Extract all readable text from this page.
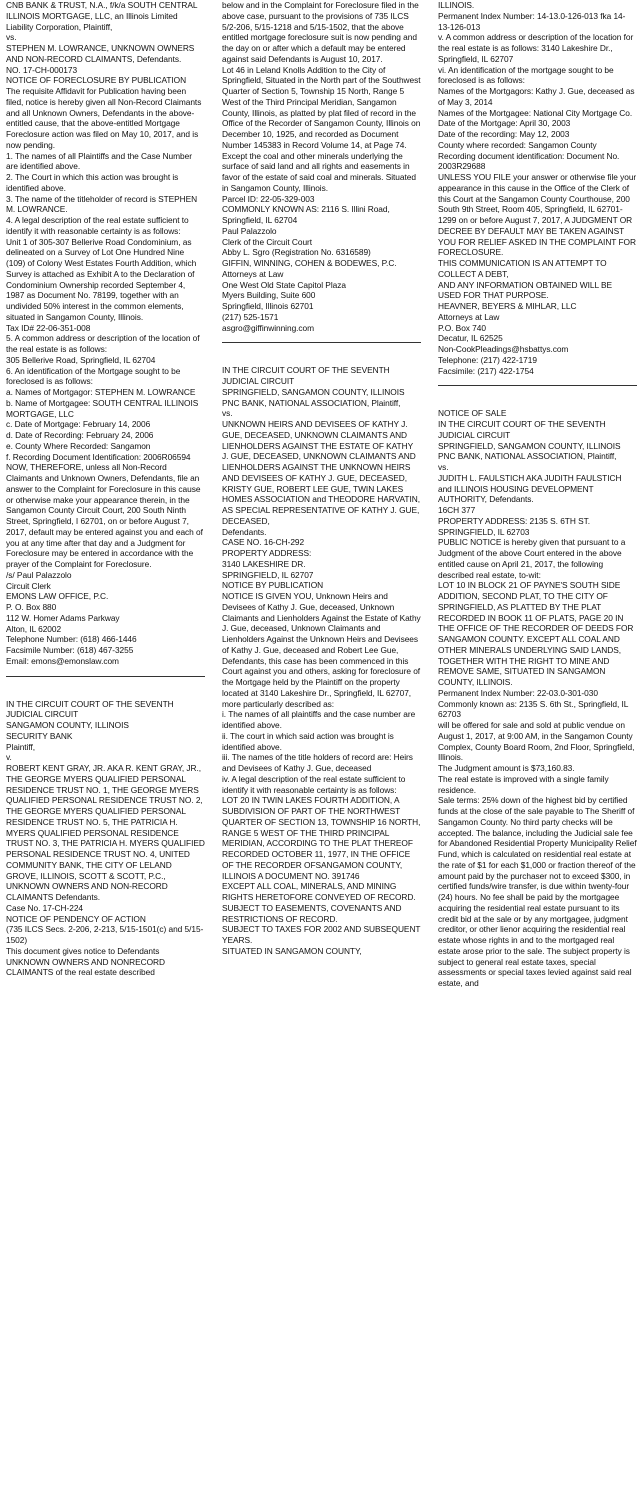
CNB BANK & TRUST, N.A., f/k/a SOUTH CENTRAL ILLINOIS MORTGAGE, LLC, an Illinois Limited Liability Corporation, Plaintiff,

vs.

STEPHEN M. LOWRANCE, UNKNOWN OWNERS AND NON-RECORD CLAIMANTS, Defendants.

NO. 17-CH-000173

NOTICE OF FORECLOSURE BY PUBLICATION

The requisite Affidavit for Publication having been filed, notice is hereby given all Non-Record Claimants and all Unknown Owners, Defendants in the above-entitled cause, that the above-entitled Mortgage Foreclosure action was filed on May 10, 2017, and is now pending.

1. The names of all Plaintiffs and the Case Number are identified above.

2. The Court in which this action was brought is identified above.

3. The name of the titleholder of record is STEPHEN M. LOWRANCE.

4. A legal description of the real estate sufficient to identify it with reasonable certainty is as follows:

Unit 1 of 305-307 Bellerive Road Condominium, as delineated on a Survey of Lot One Hundred Nine (109) of Colony West Estates Fourth Addition, which Survey is attached as Exhibit A to the Declaration of Condominium Ownership recorded September 4, 1987 as Document No. 78199, together with an undivided 50% interest in the common elements, situated in Sangamon County, Illinois.

Tax ID# 22-06-351-008

5. A common address or description of the location of the real estate is as follows:

305 Bellerive Road, Springfield, IL 62704

6. An identification of the Mortgage sought to be foreclosed is as follows:

a. Names of Mortgagor: STEPHEN M. LOWRANCE

b. Name of Mortgagee: SOUTH CENTRAL ILLINOIS

MORTGAGE, LLC

c. Date of Mortgage: February 14, 2006

d. Date of Recording: February 24, 2006

e. County Where Recorded: Sangamon

f. Recording Document Identification: 2006R06594

NOW, THEREFORE, unless all Non-Record Claimants and Unknown Owners, Defendants, file an answer to the Complaint for Foreclosure in this cause or otherwise make your appearance therein, in the Sangamon County Circuit Court, 200 South Ninth Street, Springfield, I 62701, on or before August 7, 2017, default may be entered against you and each of you at any time after that day and a Judgment for Foreclosure may be entered in accordance with the prayer of the Complaint for Foreclosure.

/s/ Paul Palazzolo

Circuit Clerk

EMONS LAW OFFICE, P.C.

P. O. Box 880

112 W. Homer Adams Parkway

Alton, IL 62002

Telephone Number: (618) 466-1446

Facsimile Number: (618) 467-3255

Email: emons@emonslaw.com

IN THE CIRCUIT COURT OF THE SEVENTH JUDICIAL CIRCUIT

SANGAMON COUNTY, ILLINOIS

SECURITY BANK

Plaintiff,

v.

ROBERT KENT GRAY, JR. AKA R. KENT GRAY, JR., THE GEORGE MYERS QUALIFIED PERSONAL RESIDENCE TRUST NO. 1, THE GEORGE MYERS QUALIFIED PERSONAL RESIDENCE TRUST NO. 2, THE GEORGE MYERS QUALIFIED PERSONAL RESIDENCE TRUST NO. 5, THE PATRICIA H. MYERS QUALIFIED PERSONAL RESIDENCE TRUST NO. 3, THE PATRICIA H. MYERS QUALIFIED PERSONAL RESIDENCE TRUST NO. 4, UNITED COMMUNITY BANK, THE CITY OF LELAND GROVE, ILLINOIS, SCOTT & SCOTT, P.C., UNKNOWN OWNERS AND NON-RECORD CLAIMANTS Defendants.

Case No. 17-CH-224

NOTICE OF PENDENCY OF ACTION

(735 ILCS Secs. 2-206, 2-213, 5/15-1501(c) and 5/15-1502)

This document gives notice to Defendants UNKNOWN OWNERS AND NONRECORD CLAIMANTS of the real estate described

below and in the Complaint for Foreclosure filed in the above case, pursuant to the provisions of 735 ILCS 5/2-206, 5/15-1218 and 5/15-1502, that the above entitled mortgage foreclosure suit is now pending and the day on or after which a default may be entered against said Defendants is August 10, 2017.

Lot 46 in Leland Knolls Addition to the City of Springfield, Situated in the North part of the Southwest Quarter of Section 5, Township 15 North, Range 5 West of the Third Principal Meridian, Sangamon County, Illinois, as platted by plat filed of record in the Office of the Recorder of Sangamon County, Illinois on December 10, 1925, and recorded as Document Number 145383 in Record Volume 14, at Page 74. Except the coal and other minerals underlying the surface of said land and all rights and easements in favor of the estate of said coal and minerals. Situated in Sangamon County, Illinois.

Parcel ID: 22-05-329-003

COMMONLY KNOWN AS: 2116 S. Illini Road, Springfield, IL 62704

Paul Palazzolo

Clerk of the Circuit Court

Abby L. Sgro (Registration No. 6316589)

GIFFIN, WINNING, COHEN & BODEWES, P.C.

Attorneys at Law

One West Old State Capitol Plaza

Myers Building, Suite 600

Springfield, Illinois 62701

(217) 525-1571

asgro@giffinwinning.com

IN THE CIRCUIT COURT OF THE SEVENTH JUDICIAL CIRCUIT

SPRINGFIELD, SANGAMON COUNTY, ILLINOIS

PNC BANK, NATIONAL ASSOCIATION, Plaintiff,

vs.

UNKNOWN HEIRS AND DEVISEES OF KATHY J. GUE, DECEASED, UNKNOWN CLAIMANTS AND LIENHOLDERS AGAINST THE ESTATE OF KATHY J. GUE, DECEASED, UNKNOWN CLAIMANTS AND LIENHOLDERS AGAINST THE UNKNOWN HEIRS AND DEVISEES OF KATHY J. GUE, DECEASED, KRISTY GUE, ROBERT LEE GUE, TWIN LAKES HOMES ASSOCIATION and THEODORE HARVATIN, AS SPECIAL REPRESENTATIVE OF KATHY J. GUE, DECEASED,

Defendants.

CASE NO. 16-CH-292

PROPERTY ADDRESS:

3140 LAKESHIRE DR.

SPRINGFIELD, IL 62707

NOTICE BY PUBLICATION

NOTICE IS GIVEN YOU, Unknown Heirs and Devisees of Kathy J. Gue, deceased, Unknown Claimants and Lienholders Against the Estate of Kathy J. Gue, deceased, Unknown Claimants and Lienholders Against the Unknown Heirs and Devisees of Kathy J. Gue, deceased and Robert Lee Gue, Defendants, this case has been commenced in this Court against you and others, asking for foreclosure of the Mortgage held by the Plaintiff on the property located at 3140 Lakeshire Dr., Springfield, IL 62707, more particularly described as:

i. The names of all plaintiffs and the case number are identified above.

ii. The court in which said action was brought is identified above.

iii. The names of the title holders of record are: Heirs and Devisees of Kathy J. Gue, deceased

iv. A legal description of the real estate sufficient to identify it with reasonable certainty is as follows:

LOT 20 IN TWIN LAKES FOURTH ADDITION, A SUBDIVISION OF PART OF THE NORTHWEST QUARTER OF SECTION 13, TOWNSHIP 16 NORTH, RANGE 5 WEST OF THE THIRD PRINCIPAL MERIDIAN, ACCORDING TO THE PLAT THEREOF RECORDED OCTOBER 11, 1977, IN THE OFFICE OF THE RECORDER OFSANGAMON COUNTY, ILLINOIS A DOCUMENT NO. 391746

EXCEPT ALL COAL, MINERALS, AND MINING RIGHTS HERETOFORE CONVEYED OF RECORD. SUBJECT TO EASEMENTS, COVENANTS AND RESTRICTIONS OF RECORD.

SUBJECT TO TAXES FOR 2002 AND SUBSEQUENT YEARS.

SITUATED IN SANGAMON COUNTY,

ILLINOIS.

Permanent Index Number: 14-13.0-126-013 fka 14-13-126-013

v. A common address or description of the location for the real estate is as follows: 3140 Lakeshire Dr., Springfield, IL 62707

vi. An identification of the mortgage sought to be foreclosed is as follows:

Names of the Mortgagors: Kathy J. Gue, deceased as of May 3, 2014

Names of the Mortgagee: National City Mortgage Co.

Date of the Mortgage: April 30, 2003

Date of the recording: May 12, 2003

County where recorded: Sangamon County

Recording document identification: Document No. 2003R29688

UNLESS YOU FILE your answer or otherwise file your appearance in this cause in the Office of the Clerk of this Court at the Sangamon County Courthouse, 200 South 9th Street, Room 405, Springfield, IL 62701-1299 on or before August 7, 2017, A JUDGMENT OR DECREE BY DEFAULT MAY BE TAKEN AGAINST YOU FOR RELIEF ASKED IN THE COMPLAINT FOR FORECLOSURE.

THIS COMMUNICATION IS AN ATTEMPT TO COLLECT A DEBT,

AND ANY INFORMATION OBTAINED WILL BE USED FOR THAT PURPOSE.

HEAVNER, BEYERS & MIHLAR, LLC

Attorneys at Law

P.O. Box 740

Decatur, IL 62525

Non-CookPleadings@hsbattys.com

Telephone: (217) 422-1719

Facsimile: (217) 422-1754

NOTICE OF SALE

IN THE CIRCUIT COURT OF THE SEVENTH JUDICIAL CIRCUIT

SPRINGFIELD, SANGAMON COUNTY, ILLINOIS

PNC BANK, NATIONAL ASSOCIATION, Plaintiff,

vs.

JUDITH L. FAULSTICH AKA JUDITH FAULSTICH and ILLINOIS HOUSING DEVELOPMENT AUTHORITY, Defendants.

16CH 377

PROPERTY ADDRESS: 2135 S. 6TH ST. SPRINGFIELD, IL 62703

PUBLIC NOTICE is hereby given that pursuant to a Judgment of the above Court entered in the above entitled cause on April 21, 2017, the following described real estate, to-wit:

LOT 10 IN BLOCK 21 OF PAYNE'S SOUTH SIDE ADDITION, SECOND PLAT, TO THE CITY OF SPRINGFIELD, AS PLATTED BY THE PLAT RECORDED IN BOOK 11 OF PLATS, PAGE 20 IN THE OFFICE OF THE RECORDER OF DEEDS FOR SANGAMON COUNTY. EXCEPT ALL COAL AND OTHER MINERALS UNDERLYING SAID LANDS, TOGETHER WITH THE RIGHT TO MINE AND REMOVE SAME, SITUATED IN SANGAMON COUNTY, ILLINOIS.

Permanent Index Number: 22-03.0-301-030

Commonly known as: 2135 S. 6th St., Springfield, IL 62703

will be offered for sale and sold at public vendue on August 1, 2017, at 9:00 AM, in the Sangamon County Complex, County Board Room, 2nd Floor, Springfield, Illinois.

The Judgment amount is $73,160.83.

The real estate is improved with a single family residence.

Sale terms: 25% down of the highest bid by certified funds at the close of the sale payable to The Sheriff of Sangamon County. No third party checks will be accepted. The balance, including the Judicial sale fee for Abandoned Residential Property Municipality Relief Fund, which is calculated on residential real estate at the rate of $1 for each $1,000 or fraction thereof of the amount paid by the purchaser not to exceed $300, in certified funds/wire transfer, is due within twenty-four (24) hours. No fee shall be paid by the mortgagee acquiring the residential real estate pursuant to its credit bid at the sale or by any mortgagee, judgment creditor, or other lienor acquiring the residential real estate whose rights in and to the mortgaged real estate arose prior to the sale. The subject property is subject to general real estate taxes, special assessments or special taxes levied against said real estate, and
